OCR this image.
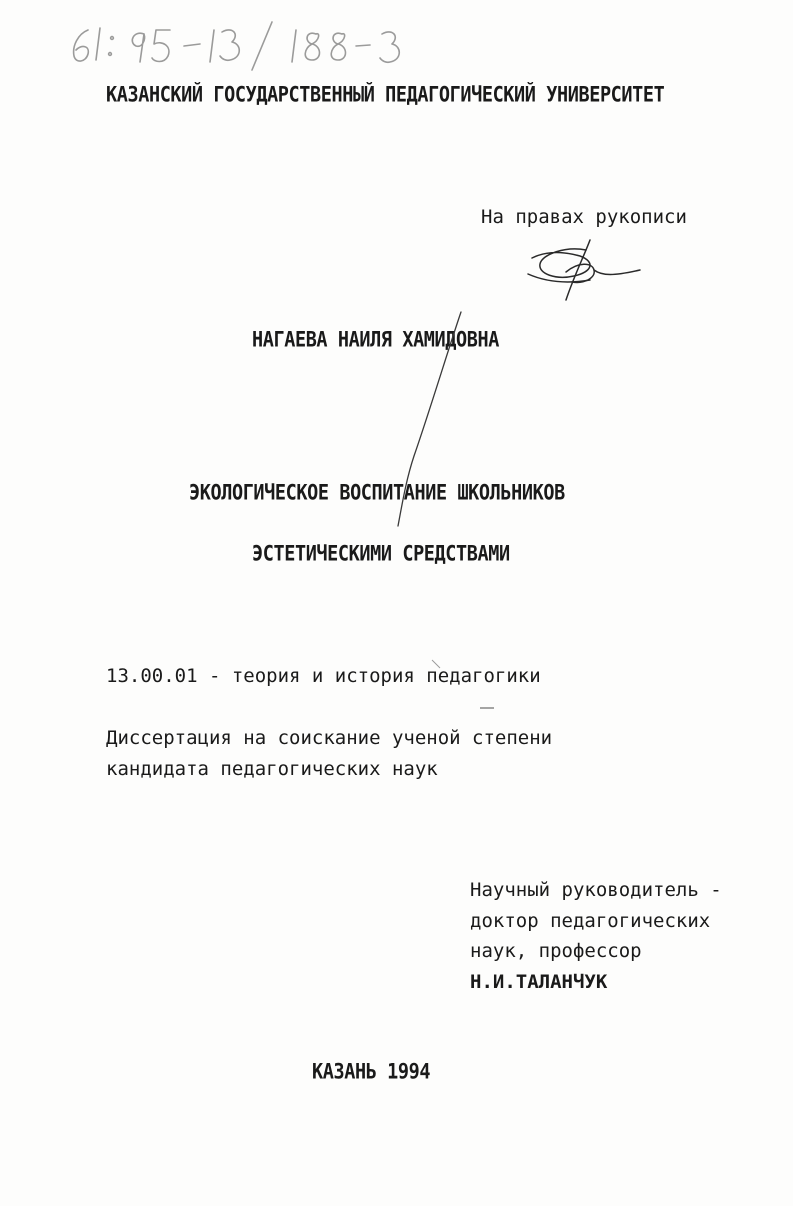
КАЗАНСКИЙ ГОСУДАРСТВЕННЫЙ ПЕДАГОГИЧЕСКИЙ УНИВЕРСИТЕТ
На правах рукописи
НАГАЕВА НАИЛЯ ХАМИДОВНА
ЭКОЛОГИЧЕСКОЕ ВОСПИТАНИЕ ШКОЛЬНИКОВ
ЭСТЕТИЧЕСКИМИ СРЕДСТВАМИ
13.00.01 - теория и история педагогики
Диссертация на соискание ученой степени
кандидата педагогических наук
Научный руководитель -
доктор педагогических
наук, профессор
Н.И.ТАЛАНЧУК
КАЗАНЬ 1994
